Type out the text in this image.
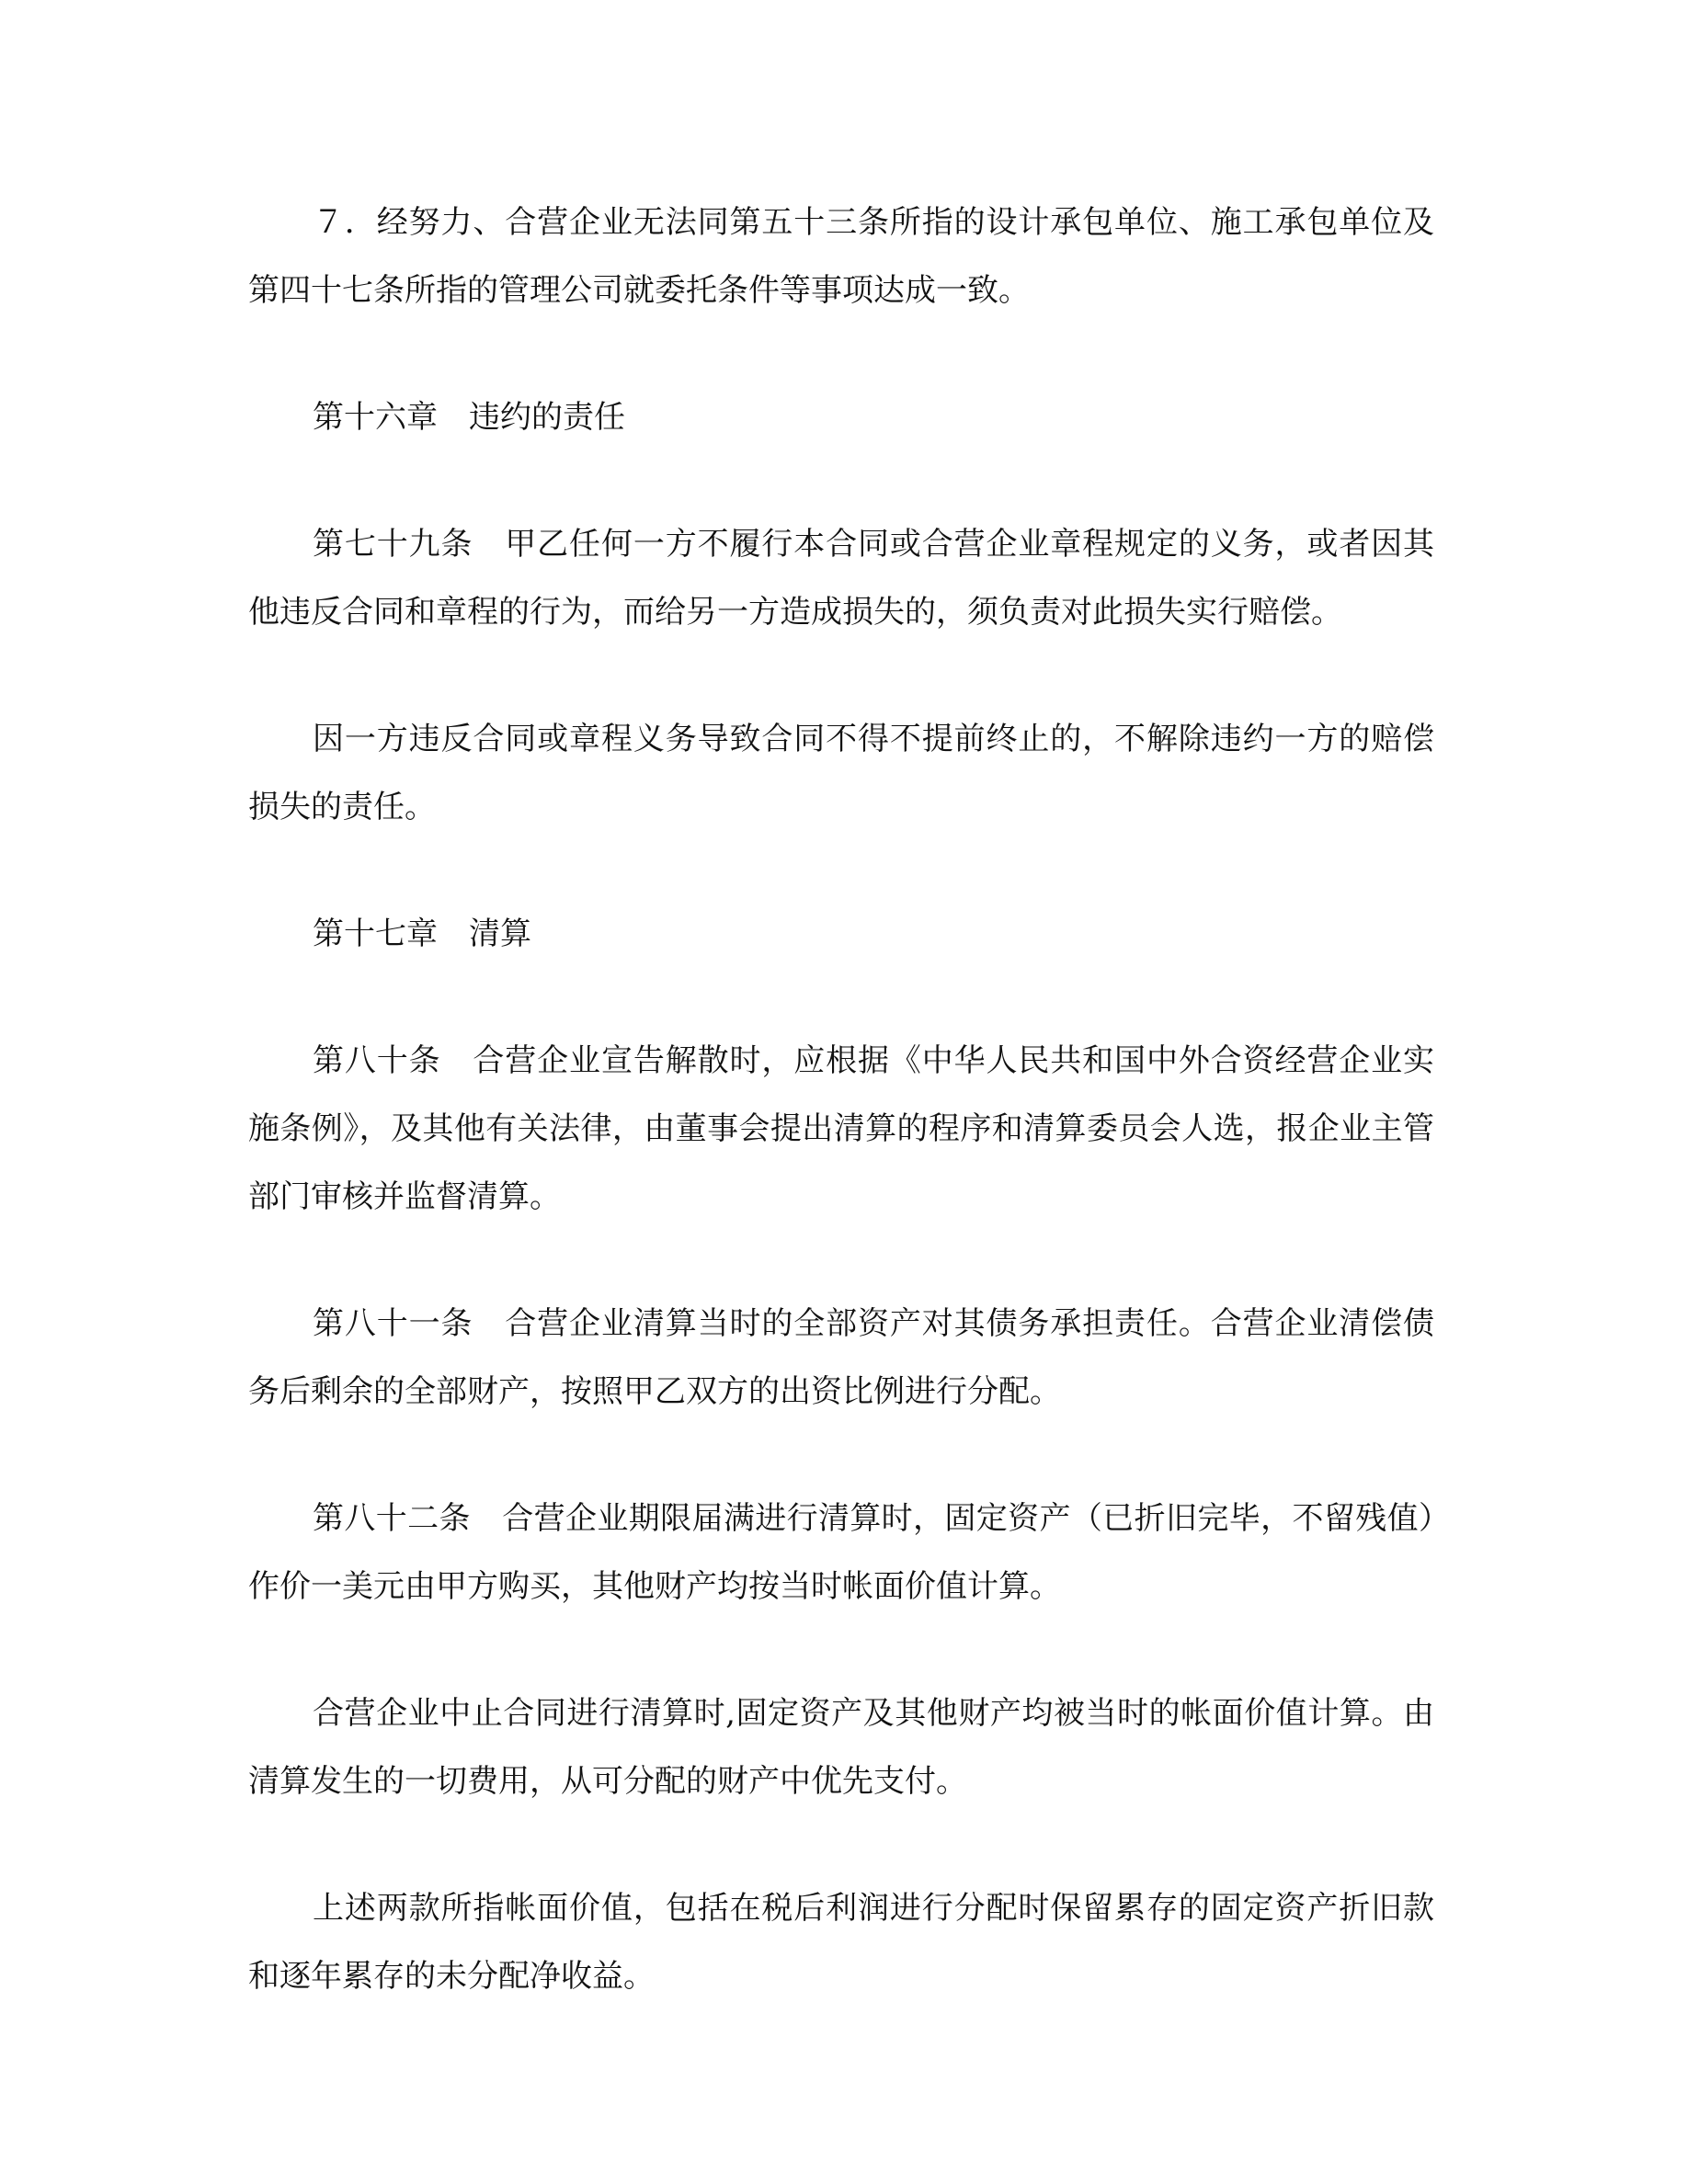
７．经努力、合营企业无法同第五十三条所指的设计承包单位、施工承包单位及第四十七条所指的管理公司就委托条件等事项达成一致。

第十六章　违约的责任

第七十九条　甲乙任何一方不履行本合同或合营企业章程规定的义务，或者因其他违反合同和章程的行为，而给另一方造成损失的，须负责对此损失实行赔偿。

因一方违反合同或章程义务导致合同不得不提前终止的，不解除违约一方的赔偿损失的责任。

第十七章　清算

第八十条　合营企业宣告解散时，应根据《中华人民共和国中外合资经营企业实施条例》，及其他有关法律，由董事会提出清算的程序和清算委员会人选，报企业主管部门审核并监督清算。

第八十一条　合营企业清算当时的全部资产对其债务承担责任。合营企业清偿债务后剩余的全部财产，按照甲乙双方的出资比例进行分配。

第八十二条　合营企业期限届满进行清算时，固定资产（已折旧完毕，不留残值）作价一美元由甲方购买，其他财产均按当时帐面价值计算。

合营企业中止合同进行清算时,固定资产及其他财产均被当时的帐面价值计算。由清算发生的一切费用，从可分配的财产中优先支付。

上述两款所指帐面价值，包括在税后利润进行分配时保留累存的固定资产折旧款和逐年累存的未分配净收益。
